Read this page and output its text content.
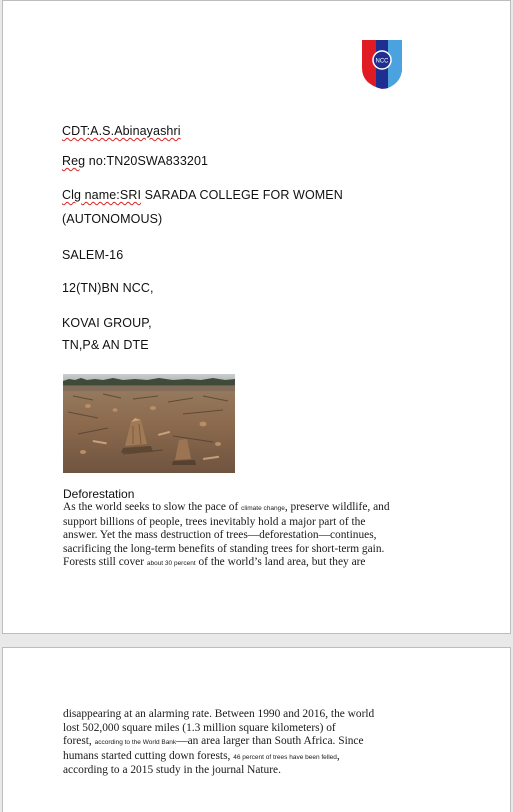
NCC
CDT:A.S.Abinayashri
Reg no:TN20SWA833201
Clg name:SRI SARADA COLLEGE FOR WOMEN
(AUTONOMOUS)
SALEM-16
12(TN)BN NCC,
KOVAI GROUP,
TN,P& AN DTE
Deforestation
As the world seeks to slow the pace of climate change, preserve wildlife, and
support billions of people, trees inevitably hold a major part of the
answer. Yet the mass destruction of trees—deforestation—continues,
sacrificing the long-term benefits of standing trees for short-term gain.
Forests still cover about 30 percent of the world’s land area, but they are
disappearing at an alarming rate. Between 1990 and 2016, the world
lost 502,000 square miles (1.3 million square kilometers) of
forest, according to the World Bank—an area larger than South Africa. Since
humans started cutting down forests, 46 percent of trees have been felled,
according to a 2015 study in the journal Nature.
